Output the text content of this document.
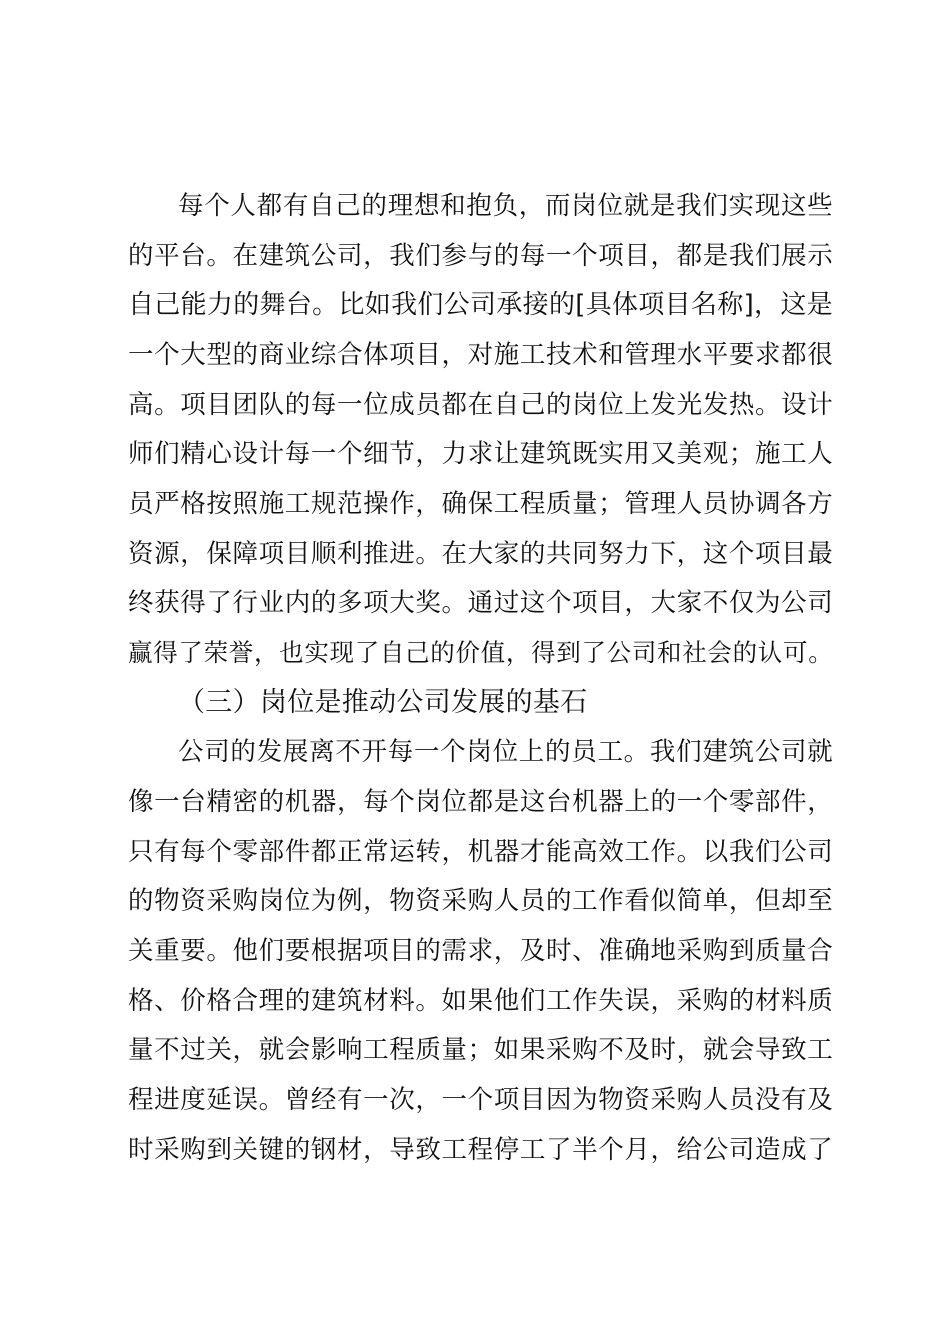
每个人都有自己的理想和抱负，而岗位就是我们实现这些
的平台。在建筑公司，我们参与的每一个项目，都是我们展示
自己能力的舞台。比如我们公司承接的[具体项目名称]，这是
一个大型的商业综合体项目，对施工技术和管理水平要求都很
高。项目团队的每一位成员都在自己的岗位上发光发热。设计
师们精心设计每一个细节，力求让建筑既实用又美观；施工人
员严格按照施工规范操作，确保工程质量；管理人员协调各方
资源，保障项目顺利推进。在大家的共同努力下，这个项目最
终获得了行业内的多项大奖。通过这个项目，大家不仅为公司
赢得了荣誉，也实现了自己的价值，得到了公司和社会的认可。
（三）岗位是推动公司发展的基石
公司的发展离不开每一个岗位上的员工。我们建筑公司就
像一台精密的机器，每个岗位都是这台机器上的一个零部件，
只有每个零部件都正常运转，机器才能高效工作。以我们公司
的物资采购岗位为例，物资采购人员的工作看似简单，但却至
关重要。他们要根据项目的需求，及时、准确地采购到质量合
格、价格合理的建筑材料。如果他们工作失误，采购的材料质
量不过关，就会影响工程质量；如果采购不及时，就会导致工
程进度延误。曾经有一次，一个项目因为物资采购人员没有及
时采购到关键的钢材，导致工程停工了半个月，给公司造成了
